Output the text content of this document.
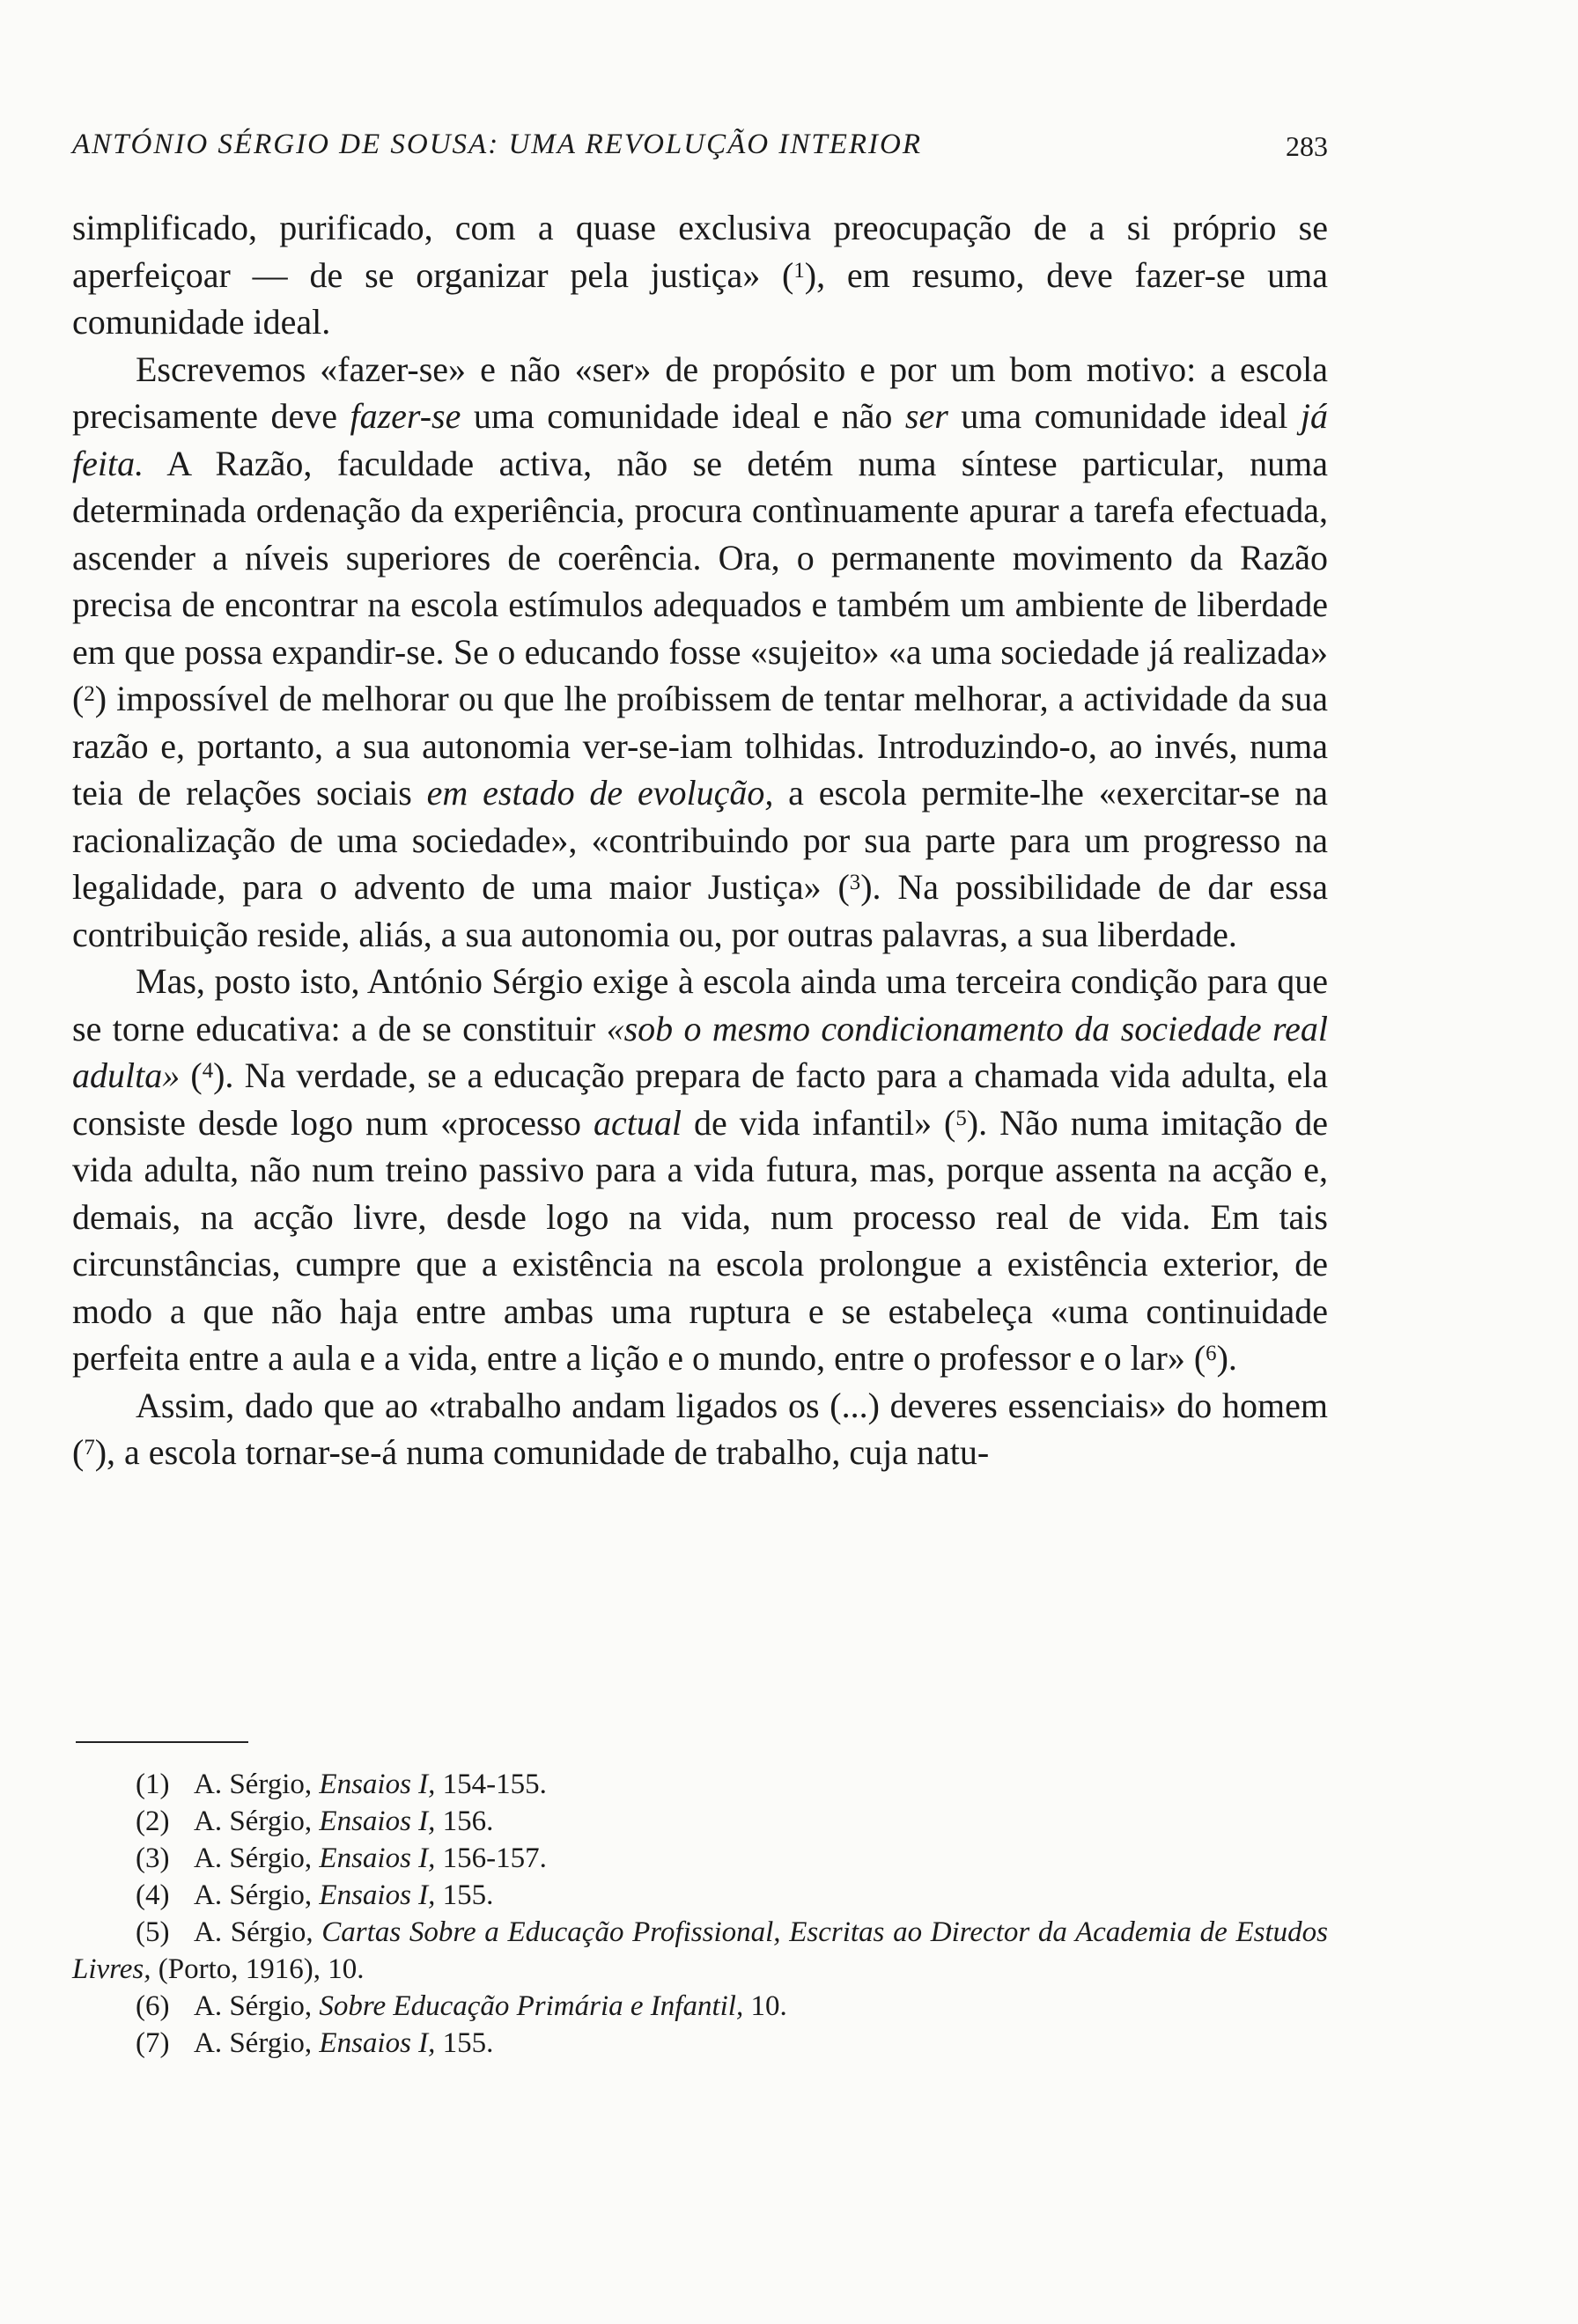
ANTÓNIO SÉRGIO DE SOUSA: UMA REVOLUÇÃO INTERIOR	283

simplificado, purificado, com a quase exclusiva preocupação de a si próprio se aperfeiçoar — de se organizar pela justiça» ($^1$), em resumo, deve fazer-se uma comunidade ideal.

Escrevemos «fazer-se» e não «ser» de propósito e por um bom motivo: a escola precisamente deve fazer-se uma comunidade ideal e não ser uma comunidade ideal já feita. A Razão, faculdade activa, não se detém numa síntese particular, numa determinada ordenação da experiência, procura contìnuamente apurar a tarefa efectuada, ascender a níveis superiores de coerência. Ora, o permanente movimento da Razão precisa de encontrar na escola estímulos adequados e também um ambiente de liberdade em que possa expandir-se. Se o educando fosse «sujeito» «a uma sociedade já realizada» ($^2$) impossível de melhorar ou que lhe proíbissem de tentar melhorar, a actividade da sua razão e, portanto, a sua autonomia ver-se-iam tolhidas. Introduzindo-o, ao invés, numa teia de relações sociais em estado de evolução, a escola permite-lhe «exercitar-se na racionalização de uma sociedade», «contribuindo por sua parte para um progresso na legalidade, para o advento de uma maior Justiça» ($^3$). Na possibilidade de dar essa contribuição reside, aliás, a sua autonomia ou, por outras palavras, a sua liberdade.

Mas, posto isto, António Sérgio exige à escola ainda uma terceira condição para que se torne educativa: a de se constituir «sob o mesmo condicionamento da sociedade real adulta» ($^4$). Na verdade, se a educação prepara de facto para a chamada vida adulta, ela consiste desde logo num «processo actual de vida infantil» ($^5$). Não numa imitação de vida adulta, não num treino passivo para a vida futura, mas, porque assenta na acção e, demais, na acção livre, desde logo na vida, num processo real de vida. Em tais circunstâncias, cumpre que a existência na escola prolongue a existência exterior, de modo a que não haja entre ambas uma ruptura e se estabeleça «uma continuidade perfeita entre a aula e a vida, entre a lição e o mundo, entre o professor e o lar» ($^6$).

Assim, dado que ao «trabalho andam ligados os (...) deveres essenciais» do homem ($^7$), a escola tornar-se-á numa comunidade de trabalho, cuja natu-

(1) A. Sérgio, Ensaios I, 154-155.
(2) A. Sérgio, Ensaios I, 156.
(3) A. Sérgio, Ensaios I, 156-157.
(4) A. Sérgio, Ensaios I, 155.
(5) A. Sérgio, Cartas Sobre a Educação Profissional, Escritas ao Director da Academia de Estudos Livres, (Porto, 1916), 10.
(6) A. Sérgio, Sobre Educação Primária e Infantil, 10.
(7) A. Sérgio, Ensaios I, 155.
